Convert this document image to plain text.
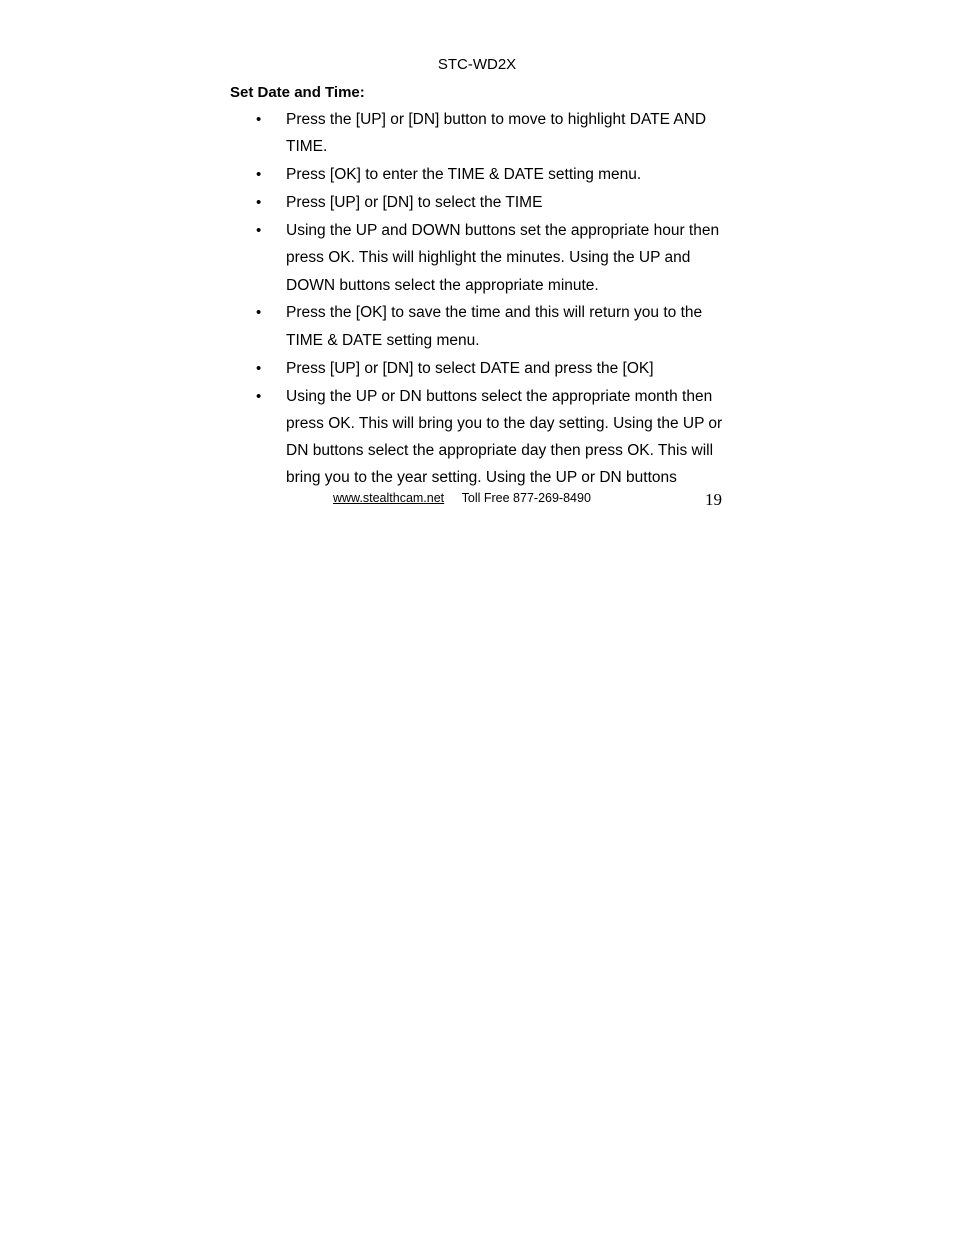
STC-WD2X
Set Date and Time:
•	Press the [UP] or [DN] button to move to highlight DATE AND TIME.
•	Press [OK] to enter the TIME & DATE setting menu.
•	Press [UP] or [DN] to select the TIME
•	Using the UP and DOWN buttons set the appropriate hour then press OK. This will highlight the minutes. Using the UP and DOWN buttons select the appropriate minute.
•	Press the [OK] to save the time and this will return you to the TIME & DATE setting menu.
•	Press [UP] or [DN] to select DATE and press the [OK]
•	Using the UP or DN buttons select the appropriate month then press OK. This will bring you to the day setting. Using the UP or DN buttons select the appropriate day then press OK. This will bring you to the year setting. Using the UP or DN buttons
www.stealthcam.net Toll Free 877-269-8490	19
